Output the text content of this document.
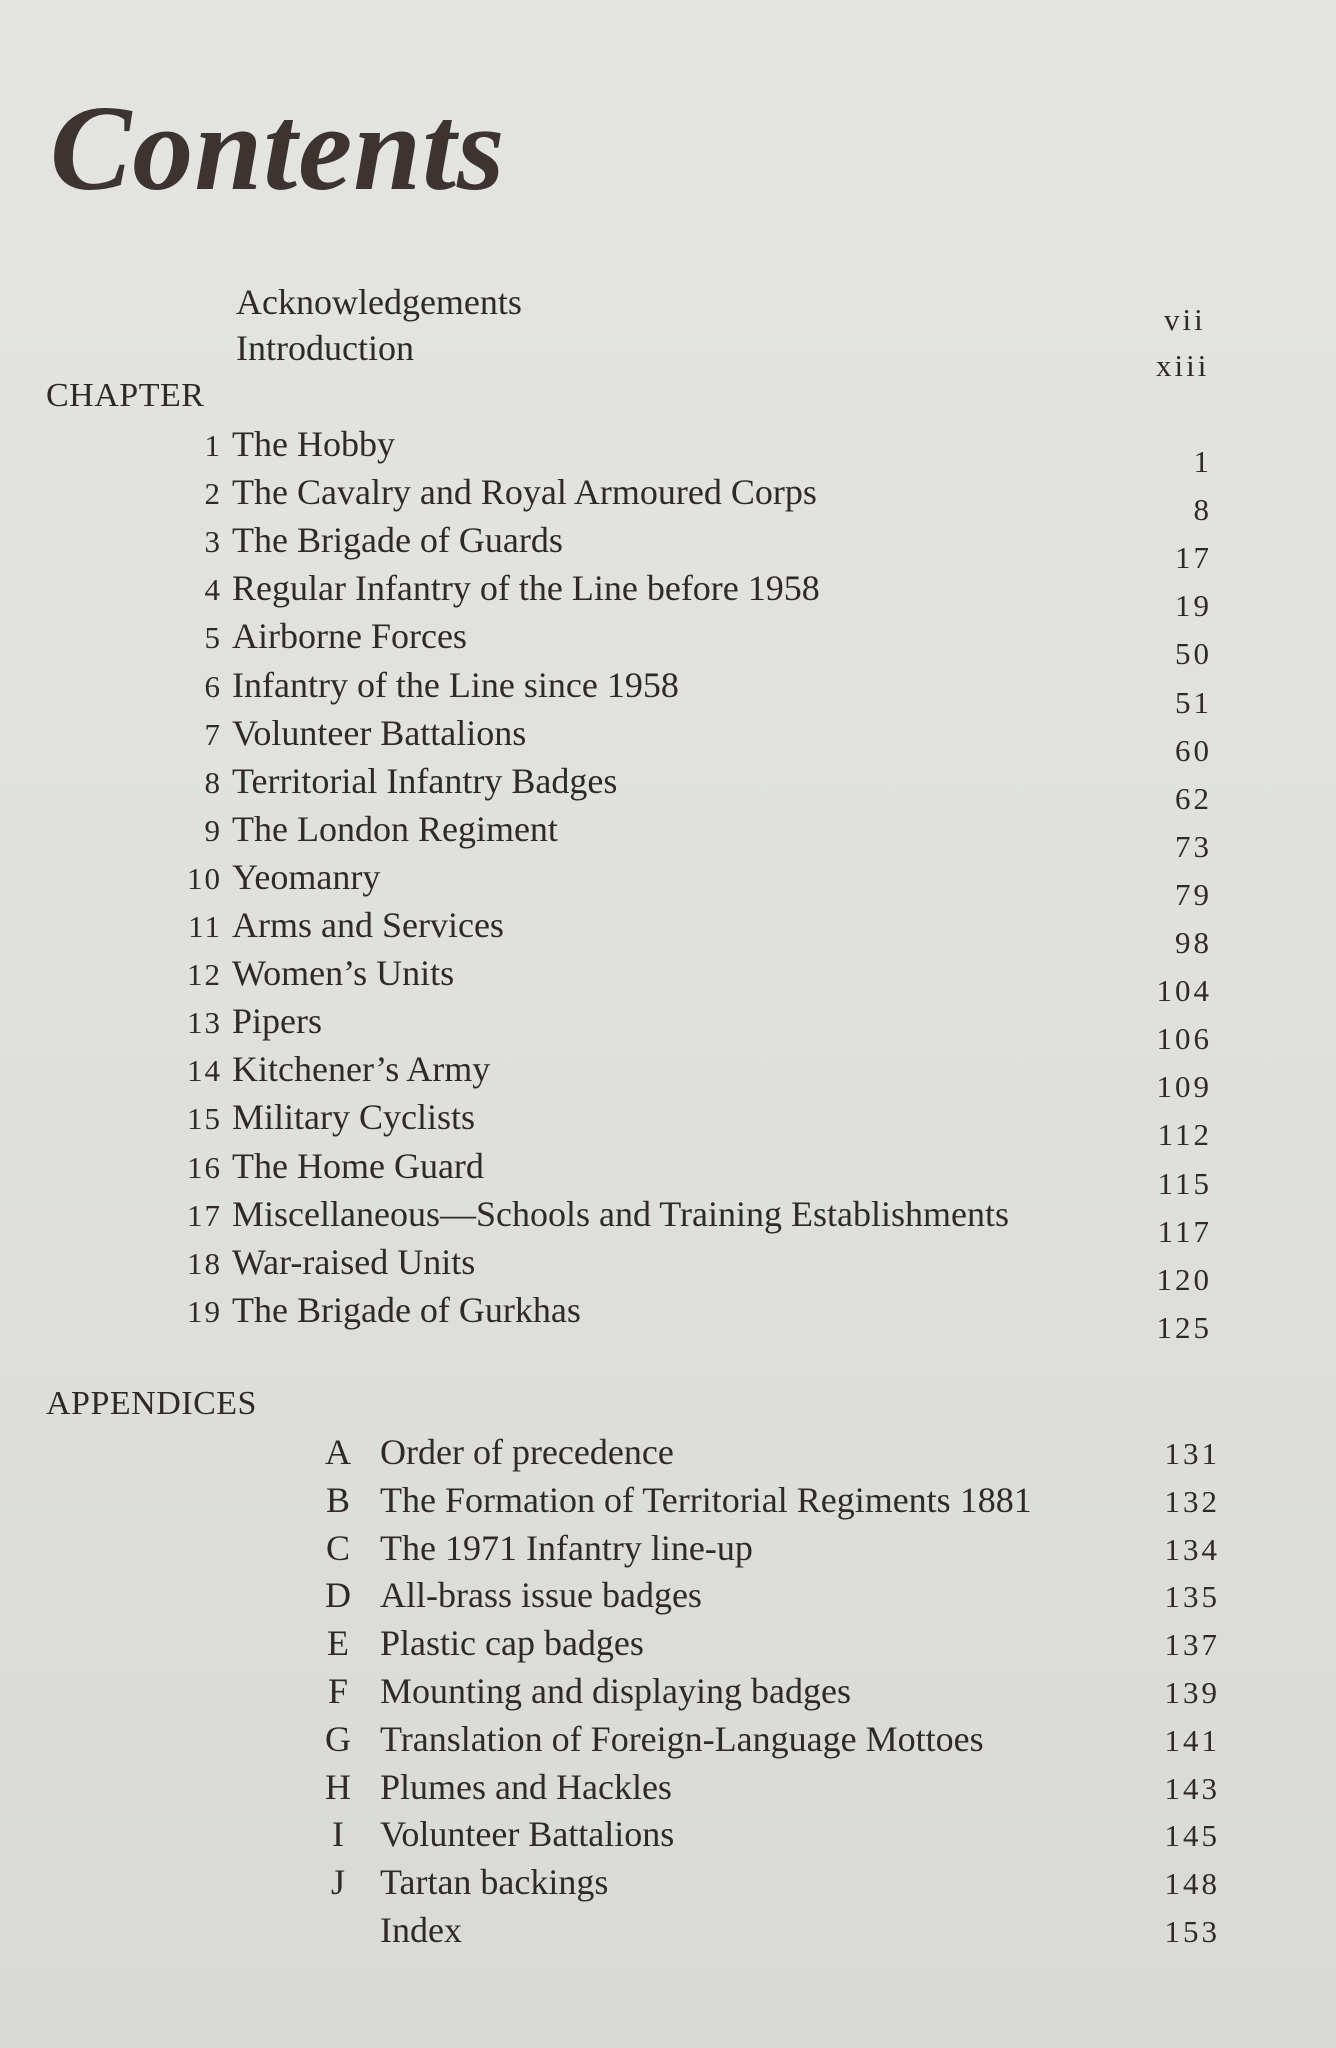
Contents
Acknowledgements	vii
Introduction	xiii
CHAPTER
1 The Hobby	1
2 The Cavalry and Royal Armoured Corps	8
3 The Brigade of Guards	17
4 Regular Infantry of the Line before 1958	19
5 Airborne Forces	50
6 Infantry of the Line since 1958	51
7 Volunteer Battalions	60
8 Territorial Infantry Badges	62
9 The London Regiment	73
10 Yeomanry	79
11 Arms and Services	98
12 Women’s Units	104
13 Pipers	106
14 Kitchener’s Army	109
15 Military Cyclists	112
16 The Home Guard	115
17 Miscellaneous—Schools and Training Establishments	117
18 War-raised Units	120
19 The Brigade of Gurkhas	125
APPENDICES
A Order of precedence	131
B The Formation of Territorial Regiments 1881	132
C The 1971 Infantry line-up	134
D All-brass issue badges	135
E Plastic cap badges	137
F Mounting and displaying badges	139
G Translation of Foreign-Language Mottoes	141
H Plumes and Hackles	143
I	Volunteer Battalions	145
J Tartan backings	148
Index	153
